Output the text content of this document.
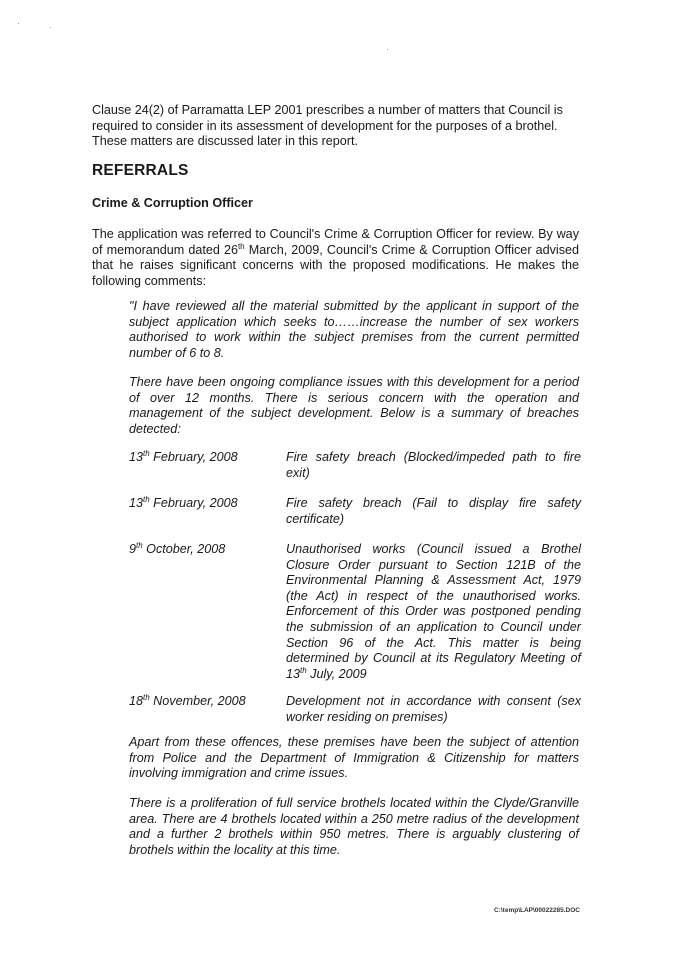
Clause 24(2) of Parramatta LEP 2001 prescribes a number of matters that Council is required to consider in its assessment of development for the purposes of a brothel. These matters are discussed later in this report.

REFERRALS
Crime & Corruption Officer

The application was referred to Council's Crime & Corruption Officer for review. By way of memorandum dated 26th March, 2009, Council's Crime & Corruption Officer advised that he raises significant concerns with the proposed modifications. He makes the following comments:

"I have reviewed all the material submitted by the applicant in support of the subject application which seeks to……increase the number of sex workers authorised to work within the subject premises from the current permitted number of 6 to 8.

There have been ongoing compliance issues with this development for a period of over 12 months. There is serious concern with the operation and management of the subject development. Below is a summary of breaches detected:

13th February, 2008	Fire safety breach (Blocked/impeded path to fire exit)
13th February, 2008	Fire safety breach (Fail to display fire safety certificate)
9th October, 2008	Unauthorised works (Council issued a Brothel Closure Order pursuant to Section 121B of the Environmental Planning & Assessment Act, 1979 (the Act) in respect of the unauthorised works. Enforcement of this Order was postponed pending the submission of an application to Council under Section 96 of the Act. This matter is being determined by Council at its Regulatory Meeting of 13th July, 2009
18th November, 2008	Development not in accordance with consent (sex worker residing on premises)

Apart from these offences, these premises have been the subject of attention from Police and the Department of Immigration & Citizenship for matters involving immigration and crime issues.

There is a proliferation of full service brothels located within the Clyde/Granville area. There are 4 brothels located within a 250 metre radius of the development and a further 2 brothels within 950 metres. There is arguably clustering of brothels within the locality at this time.

C:\temp\LAP\00022285.DOC
